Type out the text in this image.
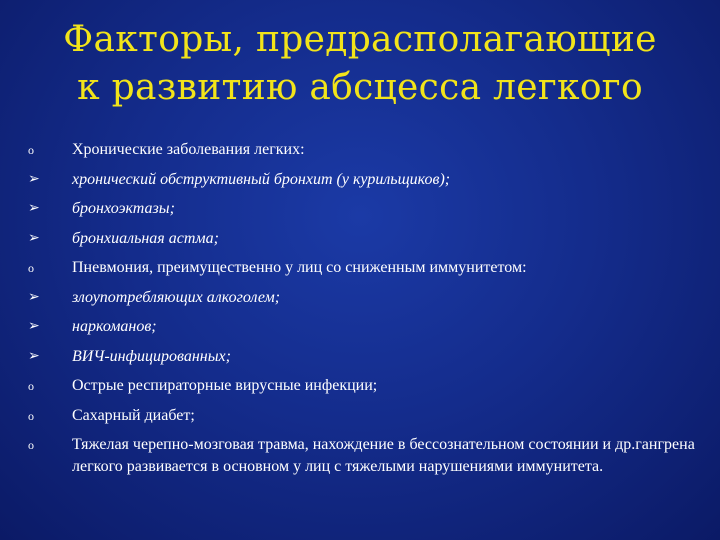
Факторы, предрасполагающие
к развитию абсцесса легкого
o	Хронические заболевания легких:
➢	хронический обструктивный бронхит (у курильщиков);
➢	бронхоэктазы;
➢	бронхиальная астма;
o	Пневмония, преимущественно у лиц со сниженным иммунитетом:
➢	злоупотребляющих алкоголем;
➢	наркоманов;
➢	ВИЧ-инфицированных;
o	Острые респираторные вирусные инфекции;
o	Сахарный диабет;
o	Тяжелая черепно-мозговая травма, нахождение в бессознательном состоянии и др.гангрена легкого развивается в основном у лиц с тяжелыми нарушениями иммунитета.
